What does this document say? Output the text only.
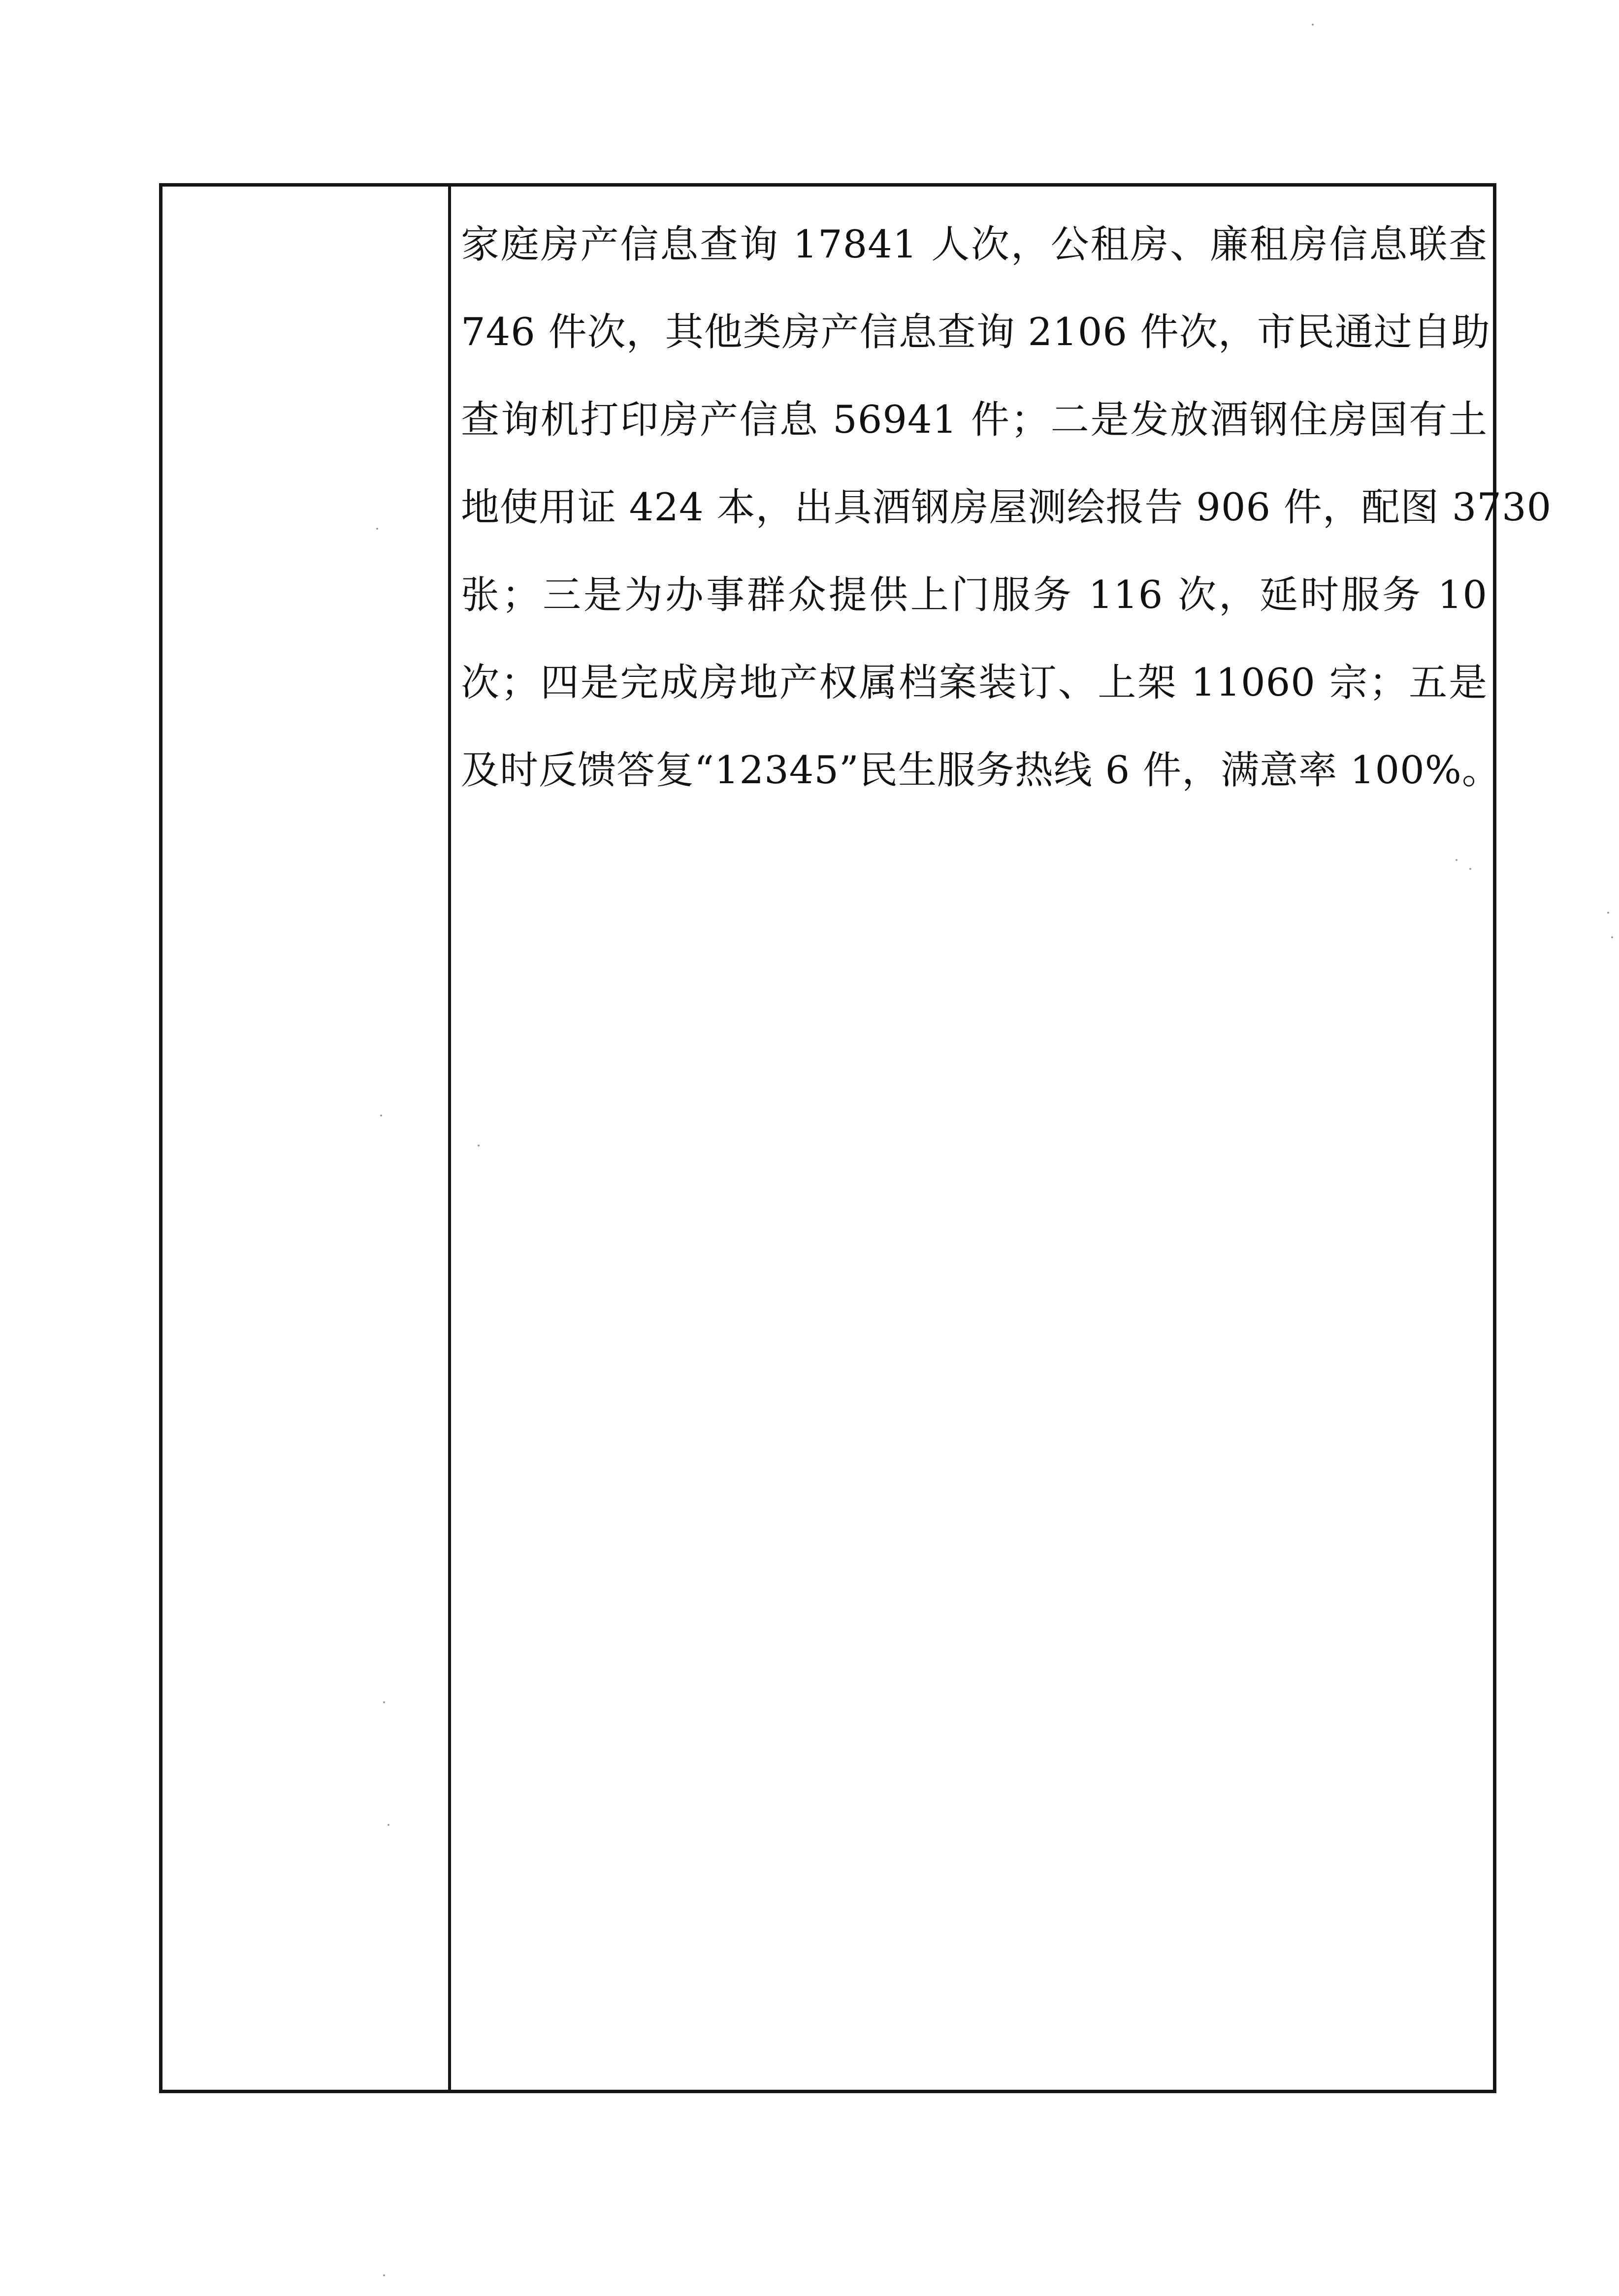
家庭房产信息查询 17841 人次，公租房、廉租房信息联查
746 件次，其他类房产信息查询 2106 件次，市民通过自助
查询机打印房产信息 56941 件；二是发放酒钢住房国有土
地使用证 424 本，出具酒钢房屋测绘报告 906 件，配图 3730
张；三是为办事群众提供上门服务 116 次，延时服务 10
次；四是完成房地产权属档案装订、上架 11060 宗；五是
及时反馈答复“12345”民生服务热线 6 件，满意率 100%。
